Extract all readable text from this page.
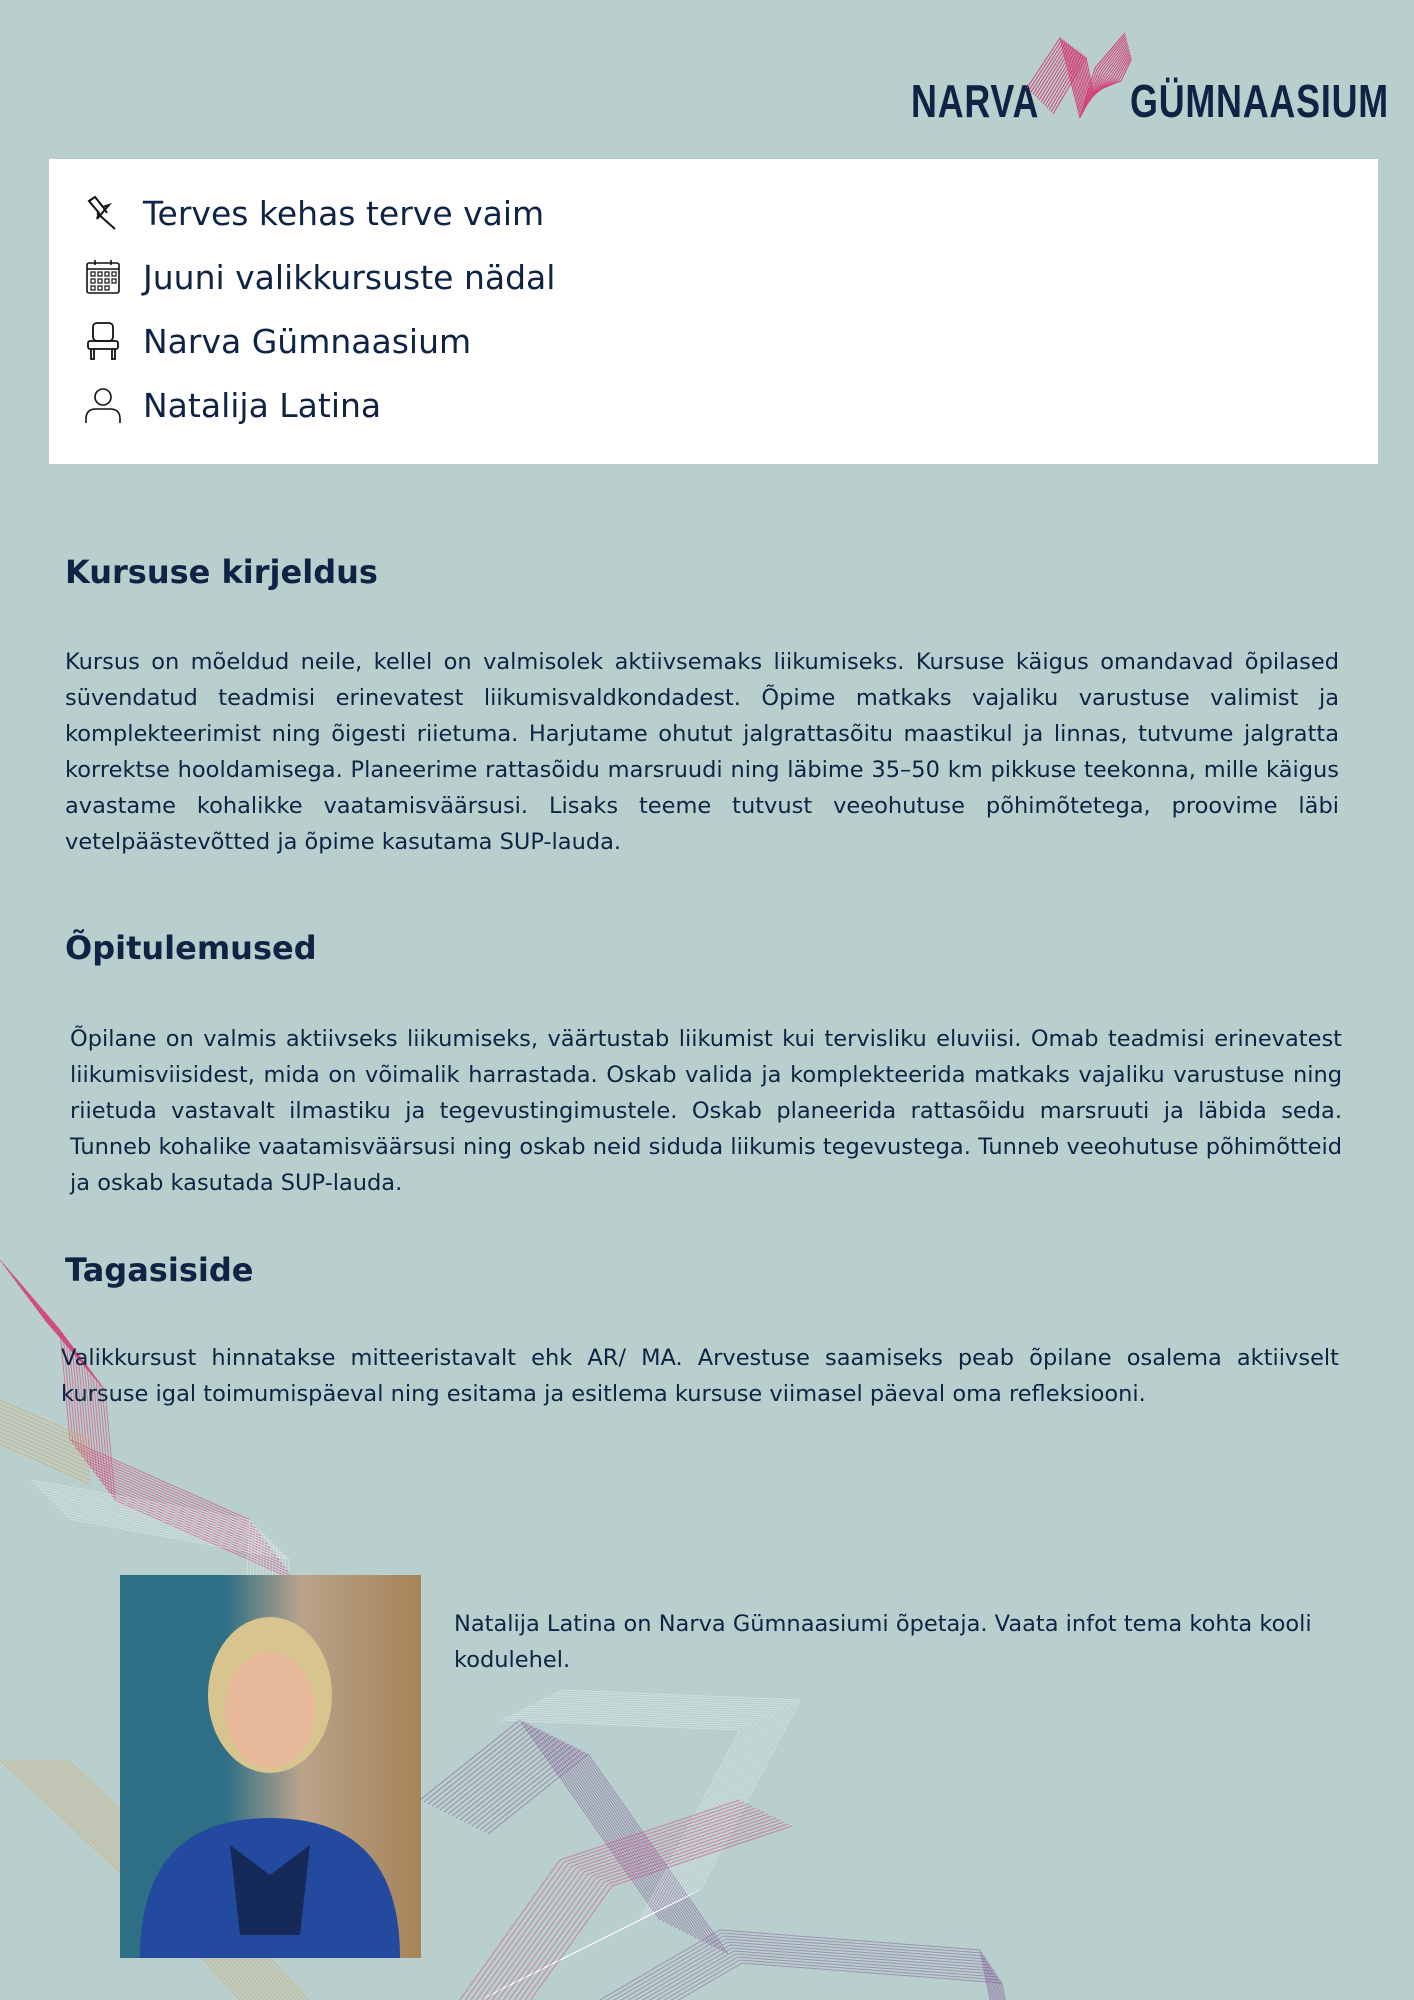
NARVA GÜMNAASIUM
Terves kehas terve vaim
Juuni valikkursuste nädal
Narva Gümnaasium
Natalija Latina
Kursuse kirjeldus

Kursus on mõeldud neile, kellel on valmisolek aktiivsemaks liikumiseks. Kursuse käigus omandavad õpilased süvendatud teadmisi erinevatest liikumisvaldkondadest. Õpime matkaks vajaliku varustuse valimist ja komplekteerimist ning õigesti riietuma. Harjutame ohutut jalgrattasõitu maastikul ja linnas, tutvume jalgratta korrektse hooldamisega. Planeerime rattasõidu marsruudi ning läbime 35–50 km pikkuse teekonna, mille käigus avastame kohalikke vaatamisväärsusi. Lisaks teeme tutvust veeohutuse põhimõtetega, proovime läbi vetelpäästevõtted ja õpime kasutama SUP-lauda.

Õpitulemused

Õpilane on valmis aktiivseks liikumiseks, väärtustab liikumist kui tervisliku eluviisi. Omab teadmisi erinevatest liikumisviisidest, mida on võimalik harrastada. Oskab valida ja komplekteerida matkaks vajaliku varustuse ning riietuda vastavalt ilmastiku ja tegevustingimustele. Oskab planeerida rattasõidu marsruuti ja läbida seda. Tunneb kohalike vaatamisväärsusi ning oskab neid siduda liikumis tegevustega. Tunneb veeohutuse põhimõtteid ja oskab kasutada SUP-lauda.

Tagasiside

Valikkursust hinnatakse mitteeristavalt ehk AR/ MA. Arvestuse saamiseks peab õpilane osalema aktiivselt kursuse igal toimumispäeval ning esitama ja esitlema kursuse viimasel päeval oma refleksiooni.

Natalija Latina on Narva Gümnaasiumi õpetaja. Vaata infot tema kohta kooli kodulehel.
